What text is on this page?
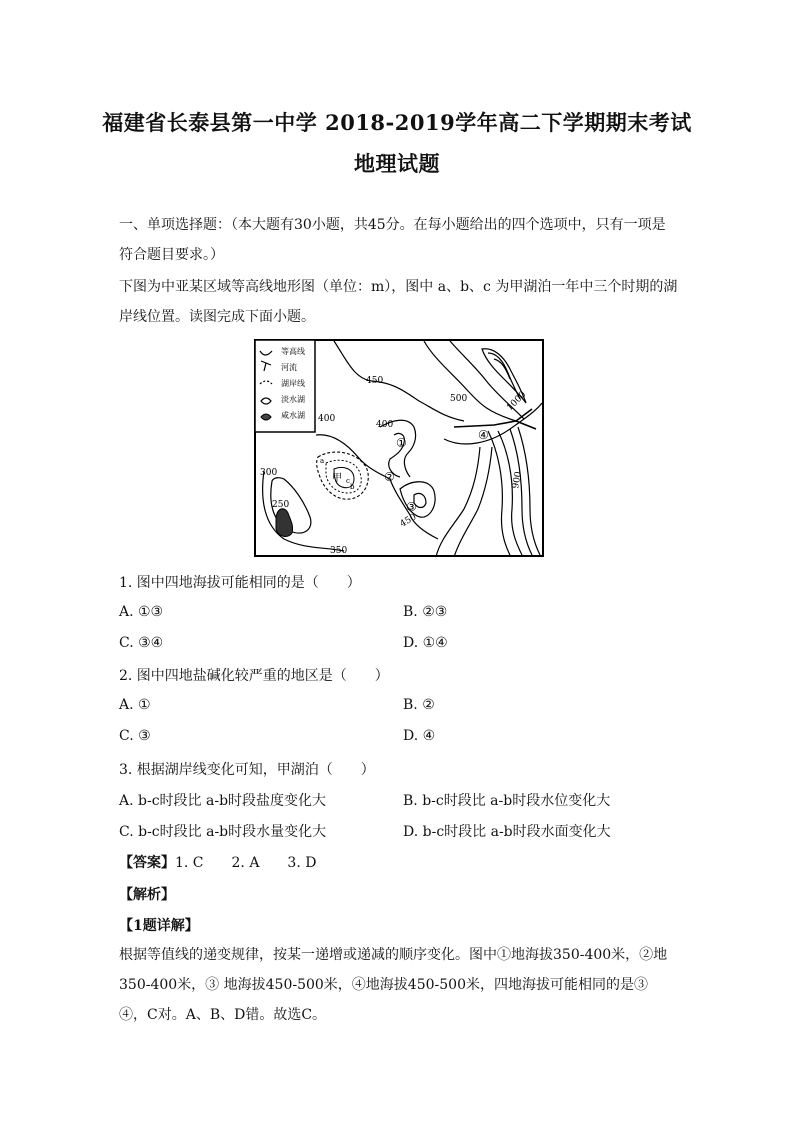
福建省长泰县第一中学 2018-2019学年高二下学期期末考试
地理试题

一、单项选择题：（本大题有30小题，共45分。在每小题给出的四个选项中，只有一项是符合题目要求。）

下图为中亚某区域等高线地形图（单位：m），图中 a、b、c 为甲湖泊一年中三个时期的湖岸线位置。读图完成下面小题。

等高线
河流
湖岸线
淡水湖
咸水湖
450
500	1000
400
400
300
250
350
450
900
①
②
③
④
甲
a
b
c
1. 图中四地海拔可能相同的是（　　）
A. ①③	B. ②③
C. ③④	D. ①④
2. 图中四地盐碱化较严重的地区是（　　）
A. ①	B. ②
C. ③	D. ④
3. 根据湖岸线变化可知，甲湖泊（　　）
A. b-c时段比 a-b时段盐度变化大	B. b-c时段比 a-b时段水位变化大
C. b-c时段比 a-b时段水量变化大	D. b-c时段比 a-b时段水面变化大
【答案】1. C　　2. A　　3. D
【解析】
【1题详解】

根据等值线的递变规律，按某一递增或递减的顺序变化。图中①地海拔350-400米，②地350-400米，③ 地海拔450-500米，④地海拔450-500米，四地海拔可能相同的是③ ④，C对。A、B、D错。故选C。
